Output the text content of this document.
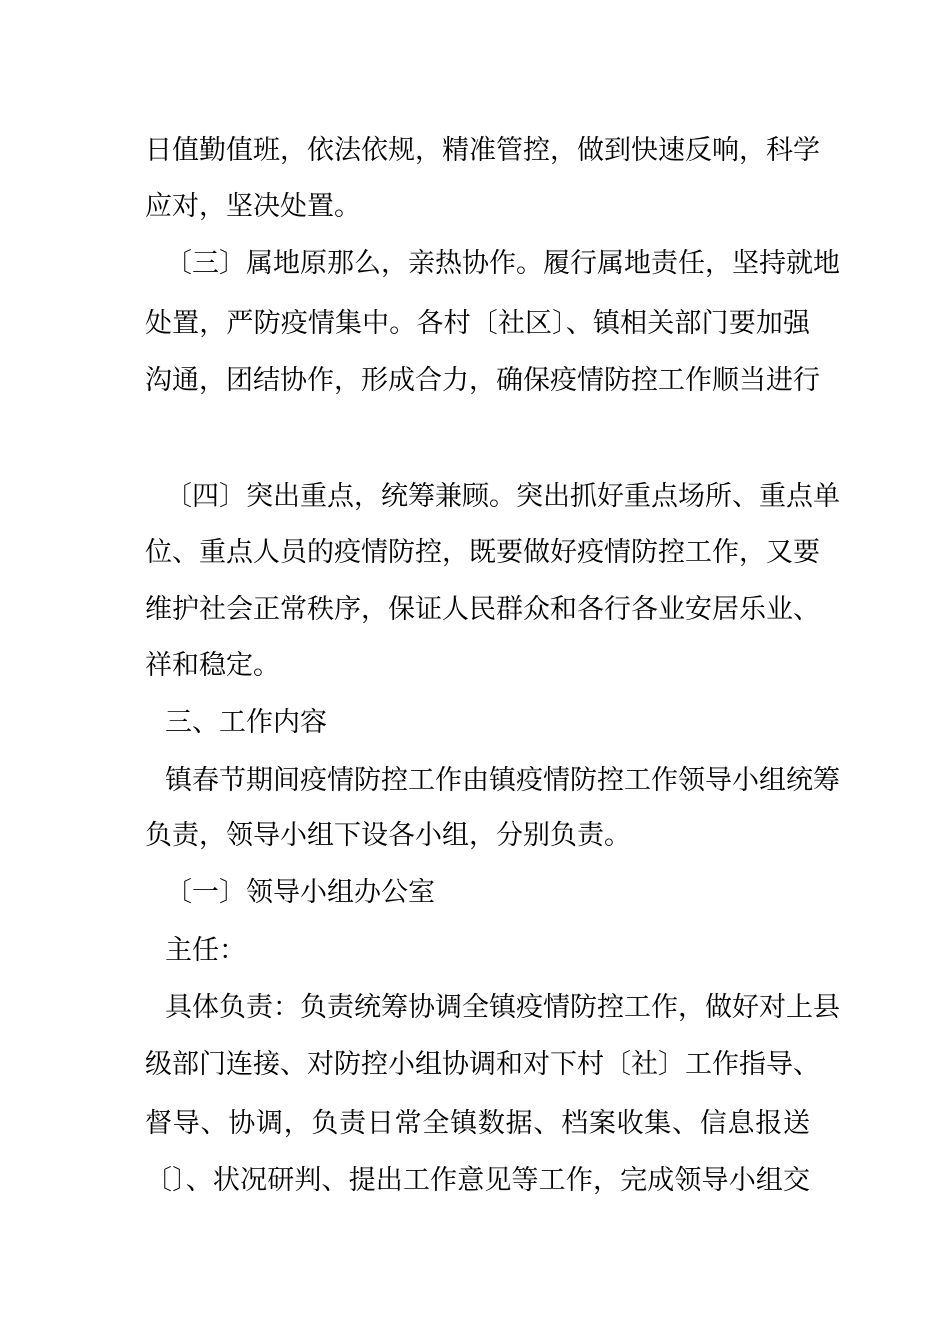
日值勤值班，依法依规，精准管控，做到快速反响，科学
应对，坚决处置。
〔三〕属地原那么，亲热协作。履行属地责任，坚持就地
处置，严防疫情集中。各村〔社区〕、镇相关部门要加强
沟通，团结协作，形成合力，确保疫情防控工作顺当进行
〔四〕突出重点，统筹兼顾。突出抓好重点场所、重点单
位、重点人员的疫情防控，既要做好疫情防控工作，又要
维护社会正常秩序，保证人民群众和各行各业安居乐业、
祥和稳定。
三、工作内容
镇春节期间疫情防控工作由镇疫情防控工作领导小组统筹
负责，领导小组下设各小组，分别负责。
〔一〕领导小组办公室
主任：
具体负责：负责统筹协调全镇疫情防控工作，做好对上县
级部门连接、对防控小组协调和对下村〔社〕工作指导、
督导、协调，负责日常全镇数据、档案收集、信息报送
〔〕、状况研判、提出工作意见等工作，完成领导小组交
